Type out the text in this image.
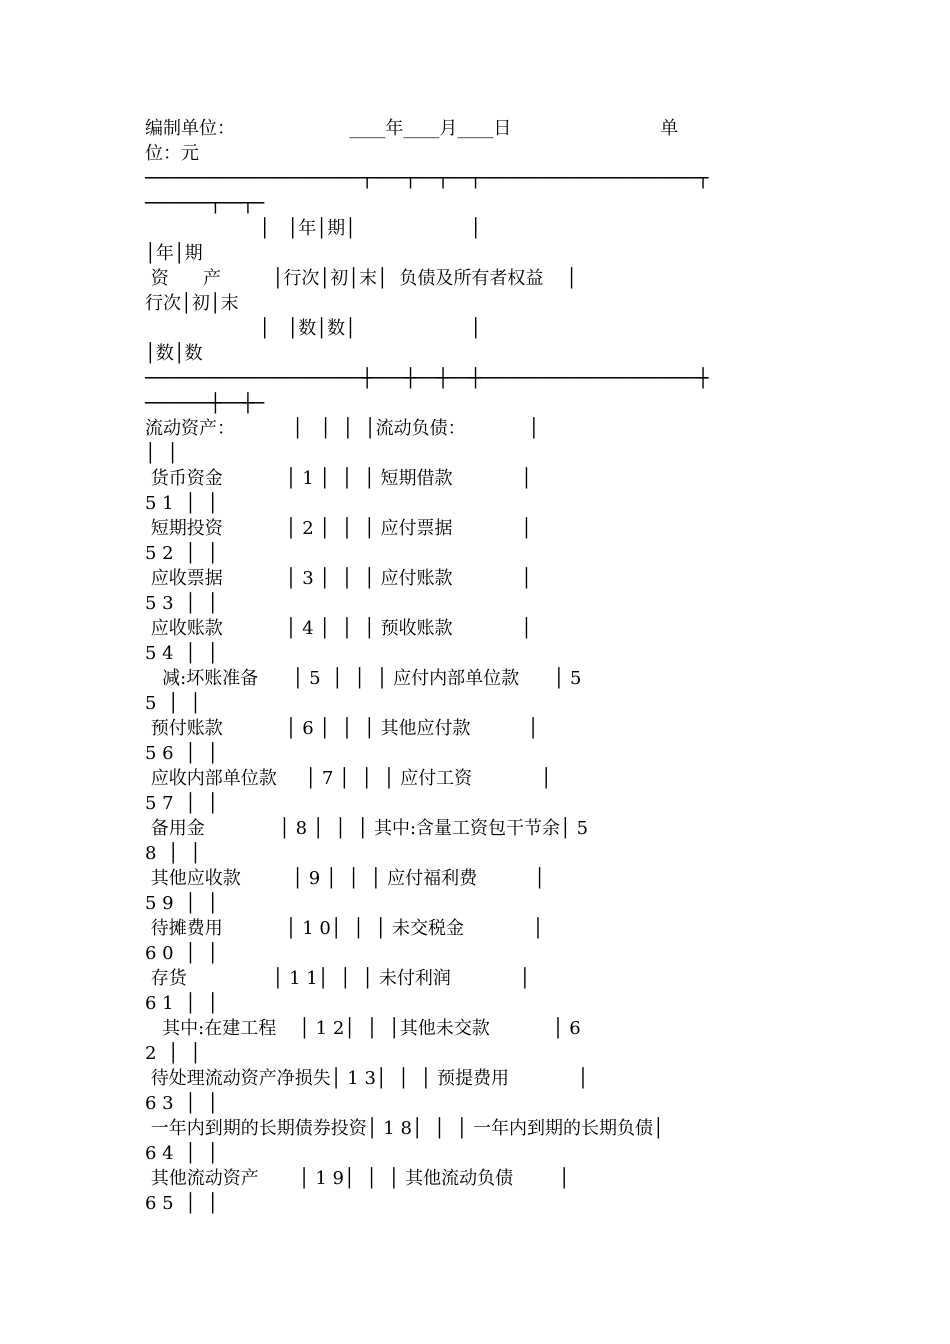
编制单位：                    ____年____月____日                          单
位：元
────────────────────┬───┬──┬──┬────────────────────┬
──────┬──┬─
│   │年│期│                    │
│年│期
资      产         │行次│初│末│  负债及所有者权益    │
行次│初│末
│   │数│数│                    │
│数│数
────────────────────┼───┼──┼──┼────────────────────┼
──────┼──┼─
流动资产：          │   │  │  │流动负债：           │
│  │
货币资金           │ 1 │  │  │ 短期借款            │
5 1  │  │
短期投资           │ 2 │  │  │ 应付票据            │
5 2  │  │
应收票据           │ 3 │  │  │ 应付账款            │
5 3  │  │
应收账款           │ 4 │  │  │ 预收账款            │
5 4  │  │
减:坏账准备      │ 5  │  │  │ 应付内部单位款      │ 5
5  │  │
预付账款           │ 6 │  │  │ 其他应付款          │
5 6  │  │
应收内部单位款     │ 7 │  │  │ 应付工资            │
5 7  │  │
备用金             │ 8 │  │  │ 其中:含量工资包干节余│ 5
8  │  │
其他应收款         │ 9 │  │  │ 应付福利费          │
5 9  │  │
待摊费用           │ 1 0│  │  │ 未交税金            │
6 0  │  │
存货               │ 1 1│  │  │ 未付利润            │
6 1  │  │
其中:在建工程    │ 1 2│  │  │其他未交款           │ 6
2  │  │
待处理流动资产净损失│ 1 3│  │  │ 预提费用            │
6 3  │  │
一年内到期的长期债券投资│ 1 8│  │  │ 一年内到期的长期负债│
6 4  │  │
其他流动资产       │ 1 9│  │  │ 其他流动负债        │
6 5  │  │
